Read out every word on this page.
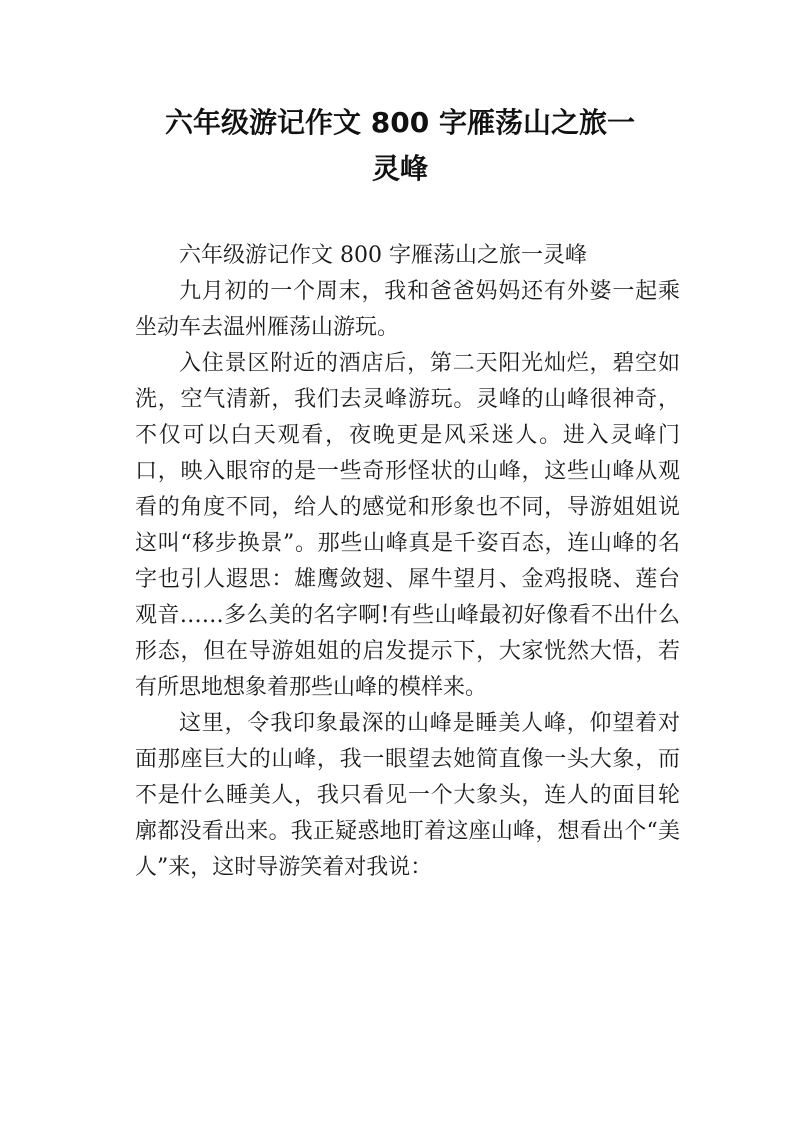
六年级游记作文 800 字雁荡山之旅一
灵峰

六年级游记作文 800 字雁荡山之旅一灵峰

九月初的一个周末，我和爸爸妈妈还有外婆一起乘坐动车去温州雁荡山游玩。

入住景区附近的酒店后，第二天阳光灿烂，碧空如洗，空气清新，我们去灵峰游玩。灵峰的山峰很神奇，不仅可以白天观看，夜晚更是风采迷人。进入灵峰门口，映入眼帘的是一些奇形怪状的山峰，这些山峰从观看的角度不同，给人的感觉和形象也不同，导游姐姐说这叫“移步换景”。那些山峰真是千姿百态，连山峰的名字也引人遐思：雄鹰敛翅、犀牛望月、金鸡报晓、莲台观音……多么美的名字啊!有些山峰最初好像看不出什么形态，但在导游姐姐的启发提示下，大家恍然大悟，若有所思地想象着那些山峰的模样来。

这里，令我印象最深的山峰是睡美人峰，仰望着对面那座巨大的山峰，我一眼望去她简直像一头大象，而不是什么睡美人，我只看见一个大象头，连人的面目轮廓都没看出来。我正疑惑地盯着这座山峰，想看出个“美人”来，这时导游笑着对我说：
